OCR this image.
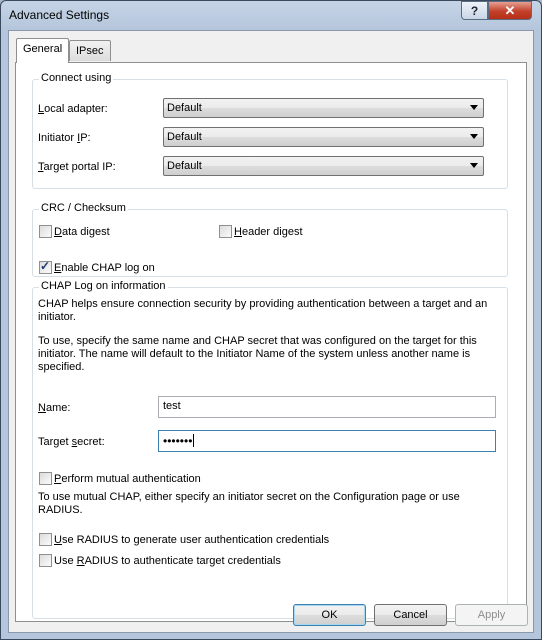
Advanced Settings	? ✕
General	IPsec
Connect using
Local adapter:	Default
Initiator IP:	Default
Target portal IP:	Default
CRC / Checksum
Data digest	Header digest
✓ Enable CHAP log on
CHAP Log on information
CHAP helps ensure connection security by providing authentication between a target and an initiator.
To use, specify the same name and CHAP secret that was configured on the target for this initiator. The name will default to the Initiator Name of the system unless another name is specified.
Name:	test
Target secret:	•••••••
Perform mutual authentication
To use mutual CHAP, either specify an initiator secret on the Configuration page or use RADIUS.
Use RADIUS to generate user authentication credentials
Use RADIUS to authenticate target credentials
OK	Cancel	Apply
